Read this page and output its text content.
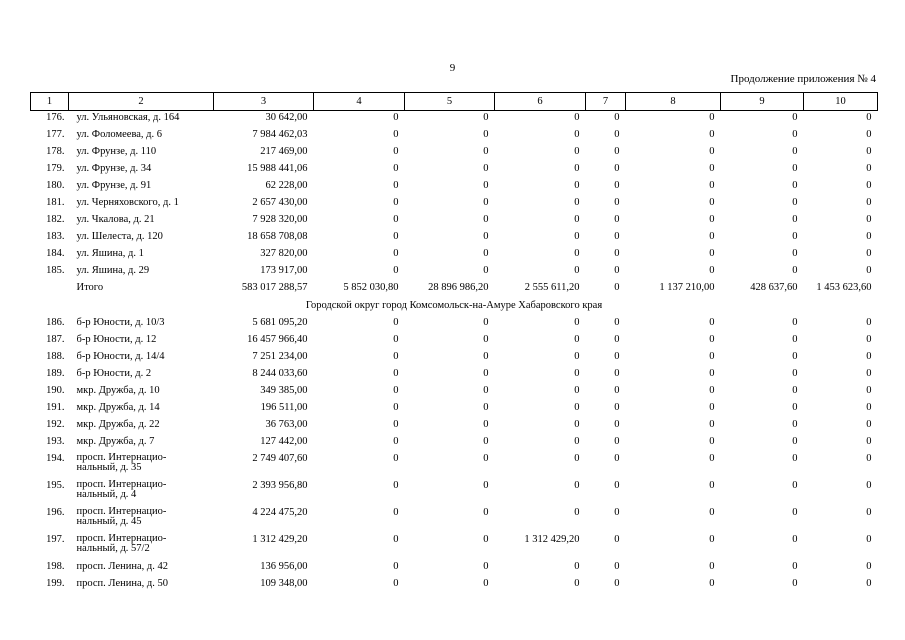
9
Продолжение приложения № 4
1	2	3	4	5	6	7	8	9	10
176.	ул. Ульяновская, д. 164	30 642,00	0	0	0	0	0	0	0
177.	ул. Фоломеева, д. 6	7 984 462,03	0	0	0	0	0	0	0
178.	ул. Фрунзе, д. 110	217 469,00	0	0	0	0	0	0	0
179.	ул. Фрунзе, д. 34	15 988 441,06	0	0	0	0	0	0	0
180.	ул. Фрунзе, д. 91	62 228,00	0	0	0	0	0	0	0
181.	ул. Черняховского, д. 1	2 657 430,00	0	0	0	0	0	0	0
182.	ул. Чкалова, д. 21	7 928 320,00	0	0	0	0	0	0	0
183.	ул. Шелеста, д. 120	18 658 708,08	0	0	0	0	0	0	0
184.	ул. Яшина, д. 1	327 820,00	0	0	0	0	0	0	0
185.	ул. Яшина, д. 29	173 917,00	0	0	0	0	0	0	0

	Итого	583 017 288,57	5 852 030,80	28 896 986,20	2 555 611,20	0	1 137 210,00	428 637,60	1 453 623,60
Городской округ город Комсомольск-на-Амуре Хабаровского края									
186.	б-р Юности, д. 10/3	5 681 095,20	0	0	0	0	0	0	0
187.	б-р Юности, д. 12	16 457 966,40	0	0	0	0	0	0	0
188.	б-р Юности, д. 14/4	7 251 234,00	0	0	0	0	0	0	0
189.	б-р Юности, д. 2	8 244 033,60	0	0	0	0	0	0	0
190.	мкр. Дружба, д. 10	349 385,00	0	0	0	0	0	0	0
191.	мкр. Дружба, д. 14	196 511,00	0	0	0	0	0	0	0
192.	мкр. Дружба, д. 22	36 763,00	0	0	0	0	0	0	0
193.	мкр. Дружба, д. 7	127 442,00	0	0	0	0	0	0	0
194.	просп. Интернацио-
нальный, д. 35	2 749 407,60	0	0	0	0	0	0	0
195.	просп. Интернацио-
нальный, д. 4	2 393 956,80	0	0	0	0	0	0	0
196.	просп. Интернацио-
нальный, д. 45	4 224 475,20	0	0	0	0	0	0	0
197.	просп. Интернацио-
нальный, д. 57/2	1 312 429,20	0	0	1 312 429,20	0	0	0	0
198.	просп. Ленина, д. 42	136 956,00	0	0	0	0	0	0	0
199.	просп. Ленина, д. 50	109 348,00	0	0	0	0	0	0	0
